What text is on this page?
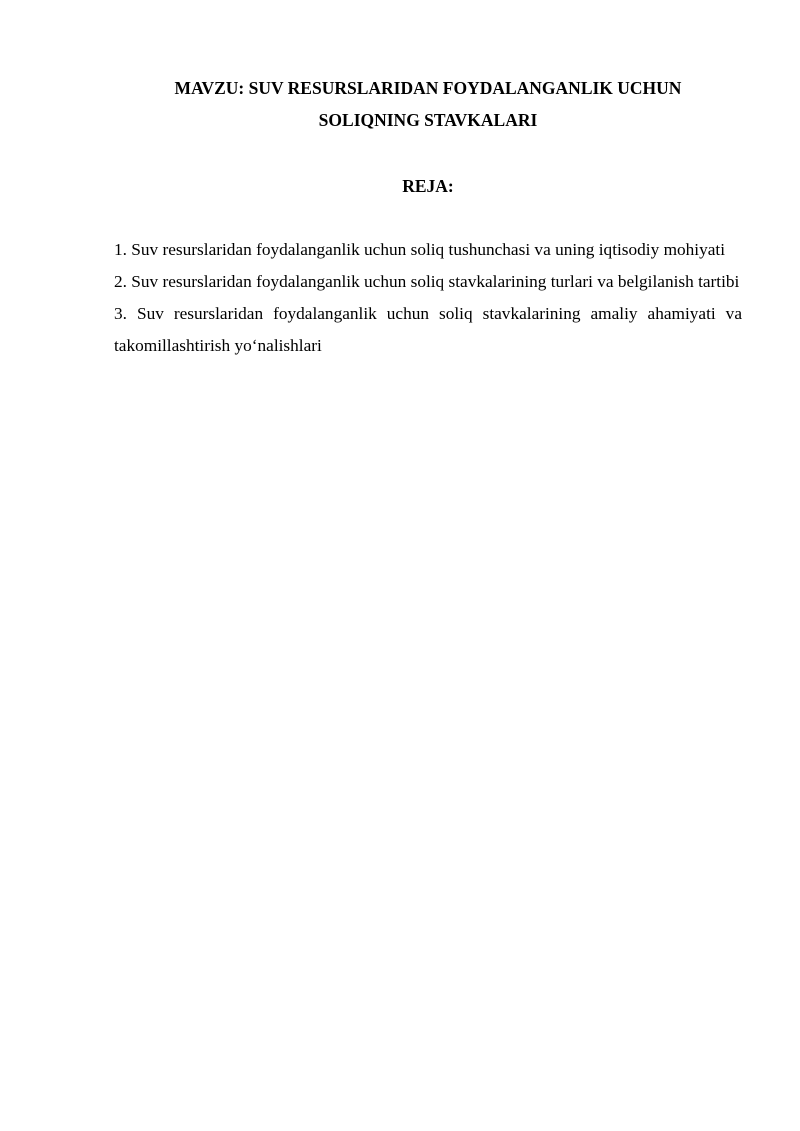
MAVZU: SUV RESURSLARIDAN FOYDALANGANLIK UCHUN
SOLIQNING STAVKALARI
REJA:
1. Suv resurslaridan foydalanganlik uchun soliq tushunchasi va uning iqtisodiy mohiyati
2. Suv resurslaridan foydalanganlik uchun soliq stavkalarining turlari va belgilanish tartibi
3. Suv resurslaridan foydalanganlik uchun soliq stavkalarining amaliy ahamiyati va takomillashtirish yo‘nalishlari
